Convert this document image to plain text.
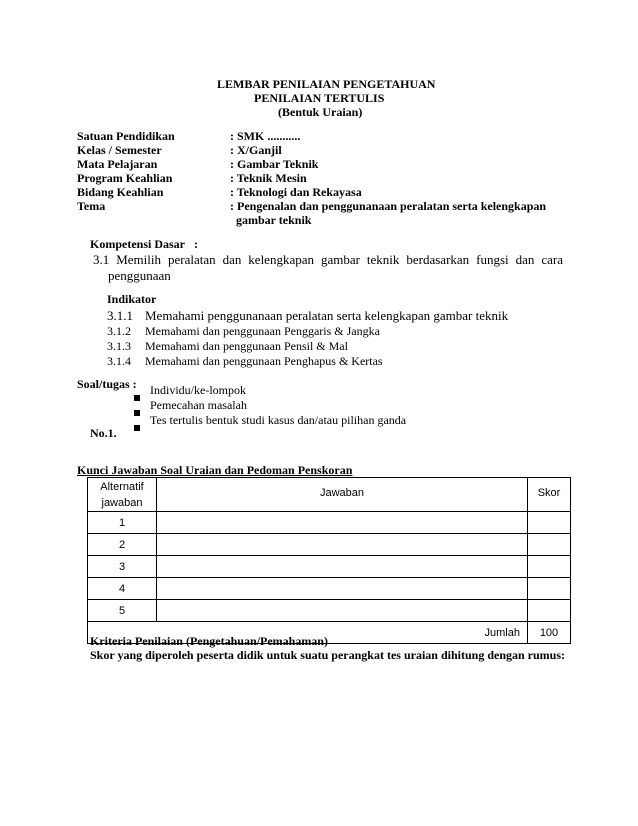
LEMBAR PENILAIAN PENGETAHUAN
PENILAIAN TERTULIS
(Bentuk Uraian)
Satuan Pendidikan	: SMK ...........
Kelas / Semester	: X/Ganjil
Mata Pelajaran	: Gambar Teknik
Program Keahlian	: Teknik Mesin
Bidang Keahlian	: Teknologi dan Rekayasa
Tema	: Pengenalan dan penggunanaan peralatan serta kelengkapan
gambar teknik
Kompetensi Dasar :
3.1 Memilih peralatan dan kelengkapan gambar teknik berdasarkan fungsi dan cara
penggunaan
Indikator
3.1.1 Memahami penggunanaan peralatan serta kelengkapan gambar teknik
3.1.2 Memahami dan penggunaan Penggaris & Jangka
3.1.3 Memahami dan penggunaan Pensil & Mal
3.1.4 Memahami dan penggunaan Penghapus & Kertas
Soal/tugas : Individu/ke-lompok
Pemecahan masalah
Tes tertulis bentuk studi kasus dan/atau pilihan ganda
No.1.
Kunci Jawaban Soal Uraian dan Pedoman Penskoran
Alternatif
jawaban	Jawaban	Skor
1		
2		
3		
4		
5		
Jumlah		100
Kriteria Penilaian (Pengetahuan/Pemahaman)
Skor yang diperoleh peserta didik untuk suatu perangkat tes uraian dihitung dengan rumus:
